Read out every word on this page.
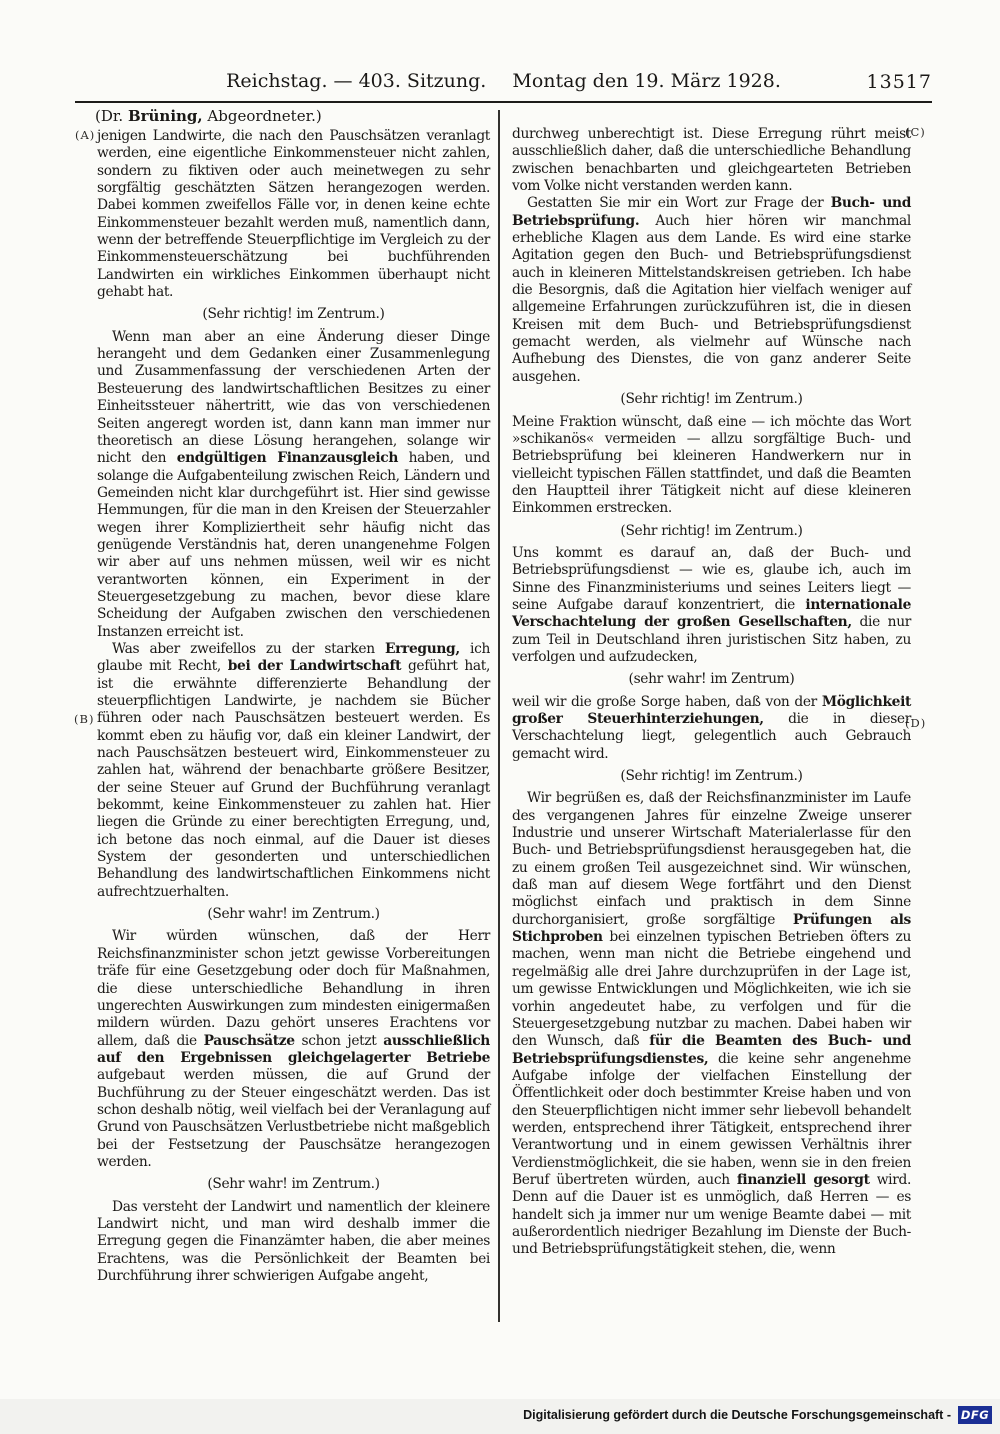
Reichstag. — 403. Sitzung. Montag den 19. März 1928.	13517
(Dr. Brüning, Abgeordneter.)
(A)
(B)
(C)
(D)

jenigen Landwirte, die nach den Pauschsätzen veranlagt werden, eine eigentliche Einkommensteuer nicht zahlen, sondern zu fiktiven oder auch meinetwegen zu sehr sorgfältig geschätzten Sätzen herangezogen werden. Dabei kommen zweifellos Fälle vor, in denen keine echte Einkommensteuer bezahlt werden muß, namentlich dann, wenn der betreffende Steuerpflichtige im Vergleich zu der Einkommensteuerschätzung bei buchführenden Landwirten ein wirkliches Einkommen überhaupt nicht gehabt hat.

(Sehr richtig! im Zentrum.)

Wenn man aber an eine Änderung dieser Dinge herangeht und dem Gedanken einer Zusammenlegung und Zusammenfassung der verschiedenen Arten der Besteuerung des landwirtschaftlichen Besitzes zu einer Einheitssteuer nähertritt, wie das von verschiedenen Seiten angeregt worden ist, dann kann man immer nur theoretisch an diese Lösung herangehen, solange wir nicht den endgültigen Finanzausgleich haben, und solange die Aufgabenteilung zwischen Reich, Ländern und Gemeinden nicht klar durchgeführt ist. Hier sind gewisse Hemmungen, für die man in den Kreisen der Steuerzahler wegen ihrer Kompliziertheit sehr häufig nicht das genügende Verständnis hat, deren unangenehme Folgen wir aber auf uns nehmen müssen, weil wir es nicht verantworten können, ein Experiment in der Steuergesetzgebung zu machen, bevor diese klare Scheidung der Aufgaben zwischen den verschiedenen Instanzen erreicht ist.

Was aber zweifellos zu der starken Erregung, ich glaube mit Recht, bei der Landwirtschaft geführt hat, ist die erwähnte differenzierte Behandlung der steuerpflichtigen Landwirte, je nachdem sie Bücher führen oder nach Pauschsätzen besteuert werden. Es kommt eben zu häufig vor, daß ein kleiner Landwirt, der nach Pauschsätzen besteuert wird, Einkommensteuer zu zahlen hat, während der benachbarte größere Besitzer, der seine Steuer auf Grund der Buchführung veranlagt bekommt, keine Einkommensteuer zu zahlen hat. Hier liegen die Gründe zu einer berechtigten Erregung, und, ich betone das noch einmal, auf die Dauer ist dieses System der gesonderten und unterschiedlichen Behandlung des landwirtschaftlichen Einkommens nicht aufrechtzuerhalten.

(Sehr wahr! im Zentrum.)

Wir würden wünschen, daß der Herr Reichsfinanzminister schon jetzt gewisse Vorbereitungen träfe für eine Gesetzgebung oder doch für Maßnahmen, die diese unterschiedliche Behandlung in ihren ungerechten Auswirkungen zum mindesten einigermaßen mildern würden. Dazu gehört unseres Erachtens vor allem, daß die Pauschsätze schon jetzt ausschließlich auf den Ergebnissen gleichgelagerter Betriebe aufgebaut werden müssen, die auf Grund der Buchführung zu der Steuer eingeschätzt werden. Das ist schon deshalb nötig, weil vielfach bei der Veranlagung auf Grund von Pauschsätzen Verlustbetriebe nicht maßgeblich bei der Festsetzung der Pauschsätze herangezogen werden.

(Sehr wahr! im Zentrum.)

Das versteht der Landwirt und namentlich der kleinere Landwirt nicht, und man wird deshalb immer die Erregung gegen die Finanzämter haben, die aber meines Erachtens, was die Persönlichkeit der Beamten bei Durchführung ihrer schwierigen Aufgabe angeht,

durchweg unberechtigt ist. Diese Erregung rührt meist ausschließlich daher, daß die unterschiedliche Behandlung zwischen benachbarten und gleichgearteten Betrieben vom Volke nicht verstanden werden kann.

Gestatten Sie mir ein Wort zur Frage der Buch- und Betriebsprüfung. Auch hier hören wir manchmal erhebliche Klagen aus dem Lande. Es wird eine starke Agitation gegen den Buch- und Betriebsprüfungsdienst auch in kleineren Mittelstandskreisen getrieben. Ich habe die Besorgnis, daß die Agitation hier vielfach weniger auf allgemeine Erfahrungen zurückzuführen ist, die in diesen Kreisen mit dem Buch- und Betriebsprüfungsdienst gemacht werden, als vielmehr auf Wünsche nach Aufhebung des Dienstes, die von ganz anderer Seite ausgehen.

(Sehr richtig! im Zentrum.)

Meine Fraktion wünscht, daß eine — ich möchte das Wort »schikanös« vermeiden — allzu sorgfältige Buch- und Betriebsprüfung bei kleineren Handwerkern nur in vielleicht typischen Fällen stattfindet, und daß die Beamten den Hauptteil ihrer Tätigkeit nicht auf diese kleineren Einkommen erstrecken.

(Sehr richtig! im Zentrum.)

Uns kommt es darauf an, daß der Buch- und Betriebsprüfungsdienst — wie es, glaube ich, auch im Sinne des Finanzministeriums und seines Leiters liegt — seine Aufgabe darauf konzentriert, die internationale Verschachtelung der großen Gesellschaften, die nur zum Teil in Deutschland ihren juristischen Sitz haben, zu verfolgen und aufzudecken,

(sehr wahr! im Zentrum)

weil wir die große Sorge haben, daß von der Möglichkeit großer Steuerhinterziehungen, die in dieser Verschachtelung liegt, gelegentlich auch Gebrauch gemacht wird.

(Sehr richtig! im Zentrum.)

Wir begrüßen es, daß der Reichsfinanzminister im Laufe des vergangenen Jahres für einzelne Zweige unserer Industrie und unserer Wirtschaft Materialerlasse für den Buch- und Betriebsprüfungsdienst herausgegeben hat, die zu einem großen Teil ausgezeichnet sind. Wir wünschen, daß man auf diesem Wege fortfährt und den Dienst möglichst einfach und praktisch in dem Sinne durchorganisiert, große sorgfältige Prüfungen als Stichproben bei einzelnen typischen Betrieben öfters zu machen, wenn man nicht die Betriebe eingehend und regelmäßig alle drei Jahre durchzuprüfen in der Lage ist, um gewisse Entwicklungen und Möglichkeiten, wie ich sie vorhin angedeutet habe, zu verfolgen und für die Steuergesetzgebung nutzbar zu machen. Dabei haben wir den Wunsch, daß für die Beamten des Buch- und Betriebsprüfungsdienstes, die keine sehr angenehme Aufgabe infolge der vielfachen Einstellung der Öffentlichkeit oder doch bestimmter Kreise haben und von den Steuerpflichtigen nicht immer sehr liebevoll behandelt werden, entsprechend ihrer Tätigkeit, entsprechend ihrer Verantwortung und in einem gewissen Verhältnis ihrer Verdienstmöglichkeit, die sie haben, wenn sie in den freien Beruf übertreten würden, auch finanziell gesorgt wird. Denn auf die Dauer ist es unmöglich, daß Herren — es handelt sich ja immer nur um wenige Beamte dabei — mit außerordentlich niedriger Bezahlung im Dienste der Buch- und Betriebsprüfungstätigkeit stehen, die, wenn

Digitalisierung gefördert durch die Deutsche Forschungsgemeinschaft - DFG
